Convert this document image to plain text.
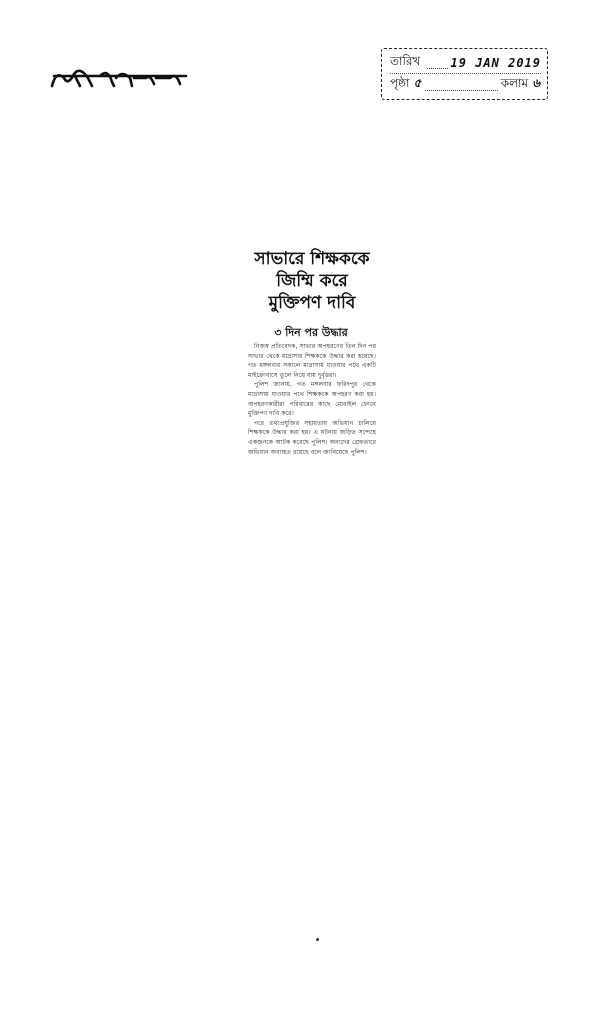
তারিখ	19 JAN 2019
পৃষ্ঠা ৫	কলাম ৬
সাভারে শিক্ষককে
জিম্মি করে
মুক্তিপণ দাবি
৩ দিন পর উদ্ধার

নিজস্ব প্রতিবেদক, সাভার অপহরণের তিন দিন পর সাভার থেকে মাদ্রাসার শিক্ষককে উদ্ধার করা হয়েছে। গত মঙ্গলবার সকালে মাদ্রাসায় যাওয়ার পথে একটি মাইক্রোবাসে তুলে নিয়ে যায় দুর্বৃত্তরা।

পুলিশ জানায়, গত মঙ্গলবার ফরিদপুর থেকে মাদ্রাসায় যাওয়ার পথে শিক্ষককে অপহরণ করা হয়। অপহরণকারীরা পরিবারের কাছে মোবাইল ফোনে মুক্তিপণ দাবি করে।

পরে তথ্যপ্রযুক্তির সহায়তায় অভিযান চালিয়ে শিক্ষককে উদ্ধার করা হয়। এ ঘটনায় জড়িত সন্দেহে একজনকে আটক করেছে পুলিশ। অন্যদের গ্রেফতারে অভিযান অব্যাহত রয়েছে বলে জানিয়েছে পুলিশ।
